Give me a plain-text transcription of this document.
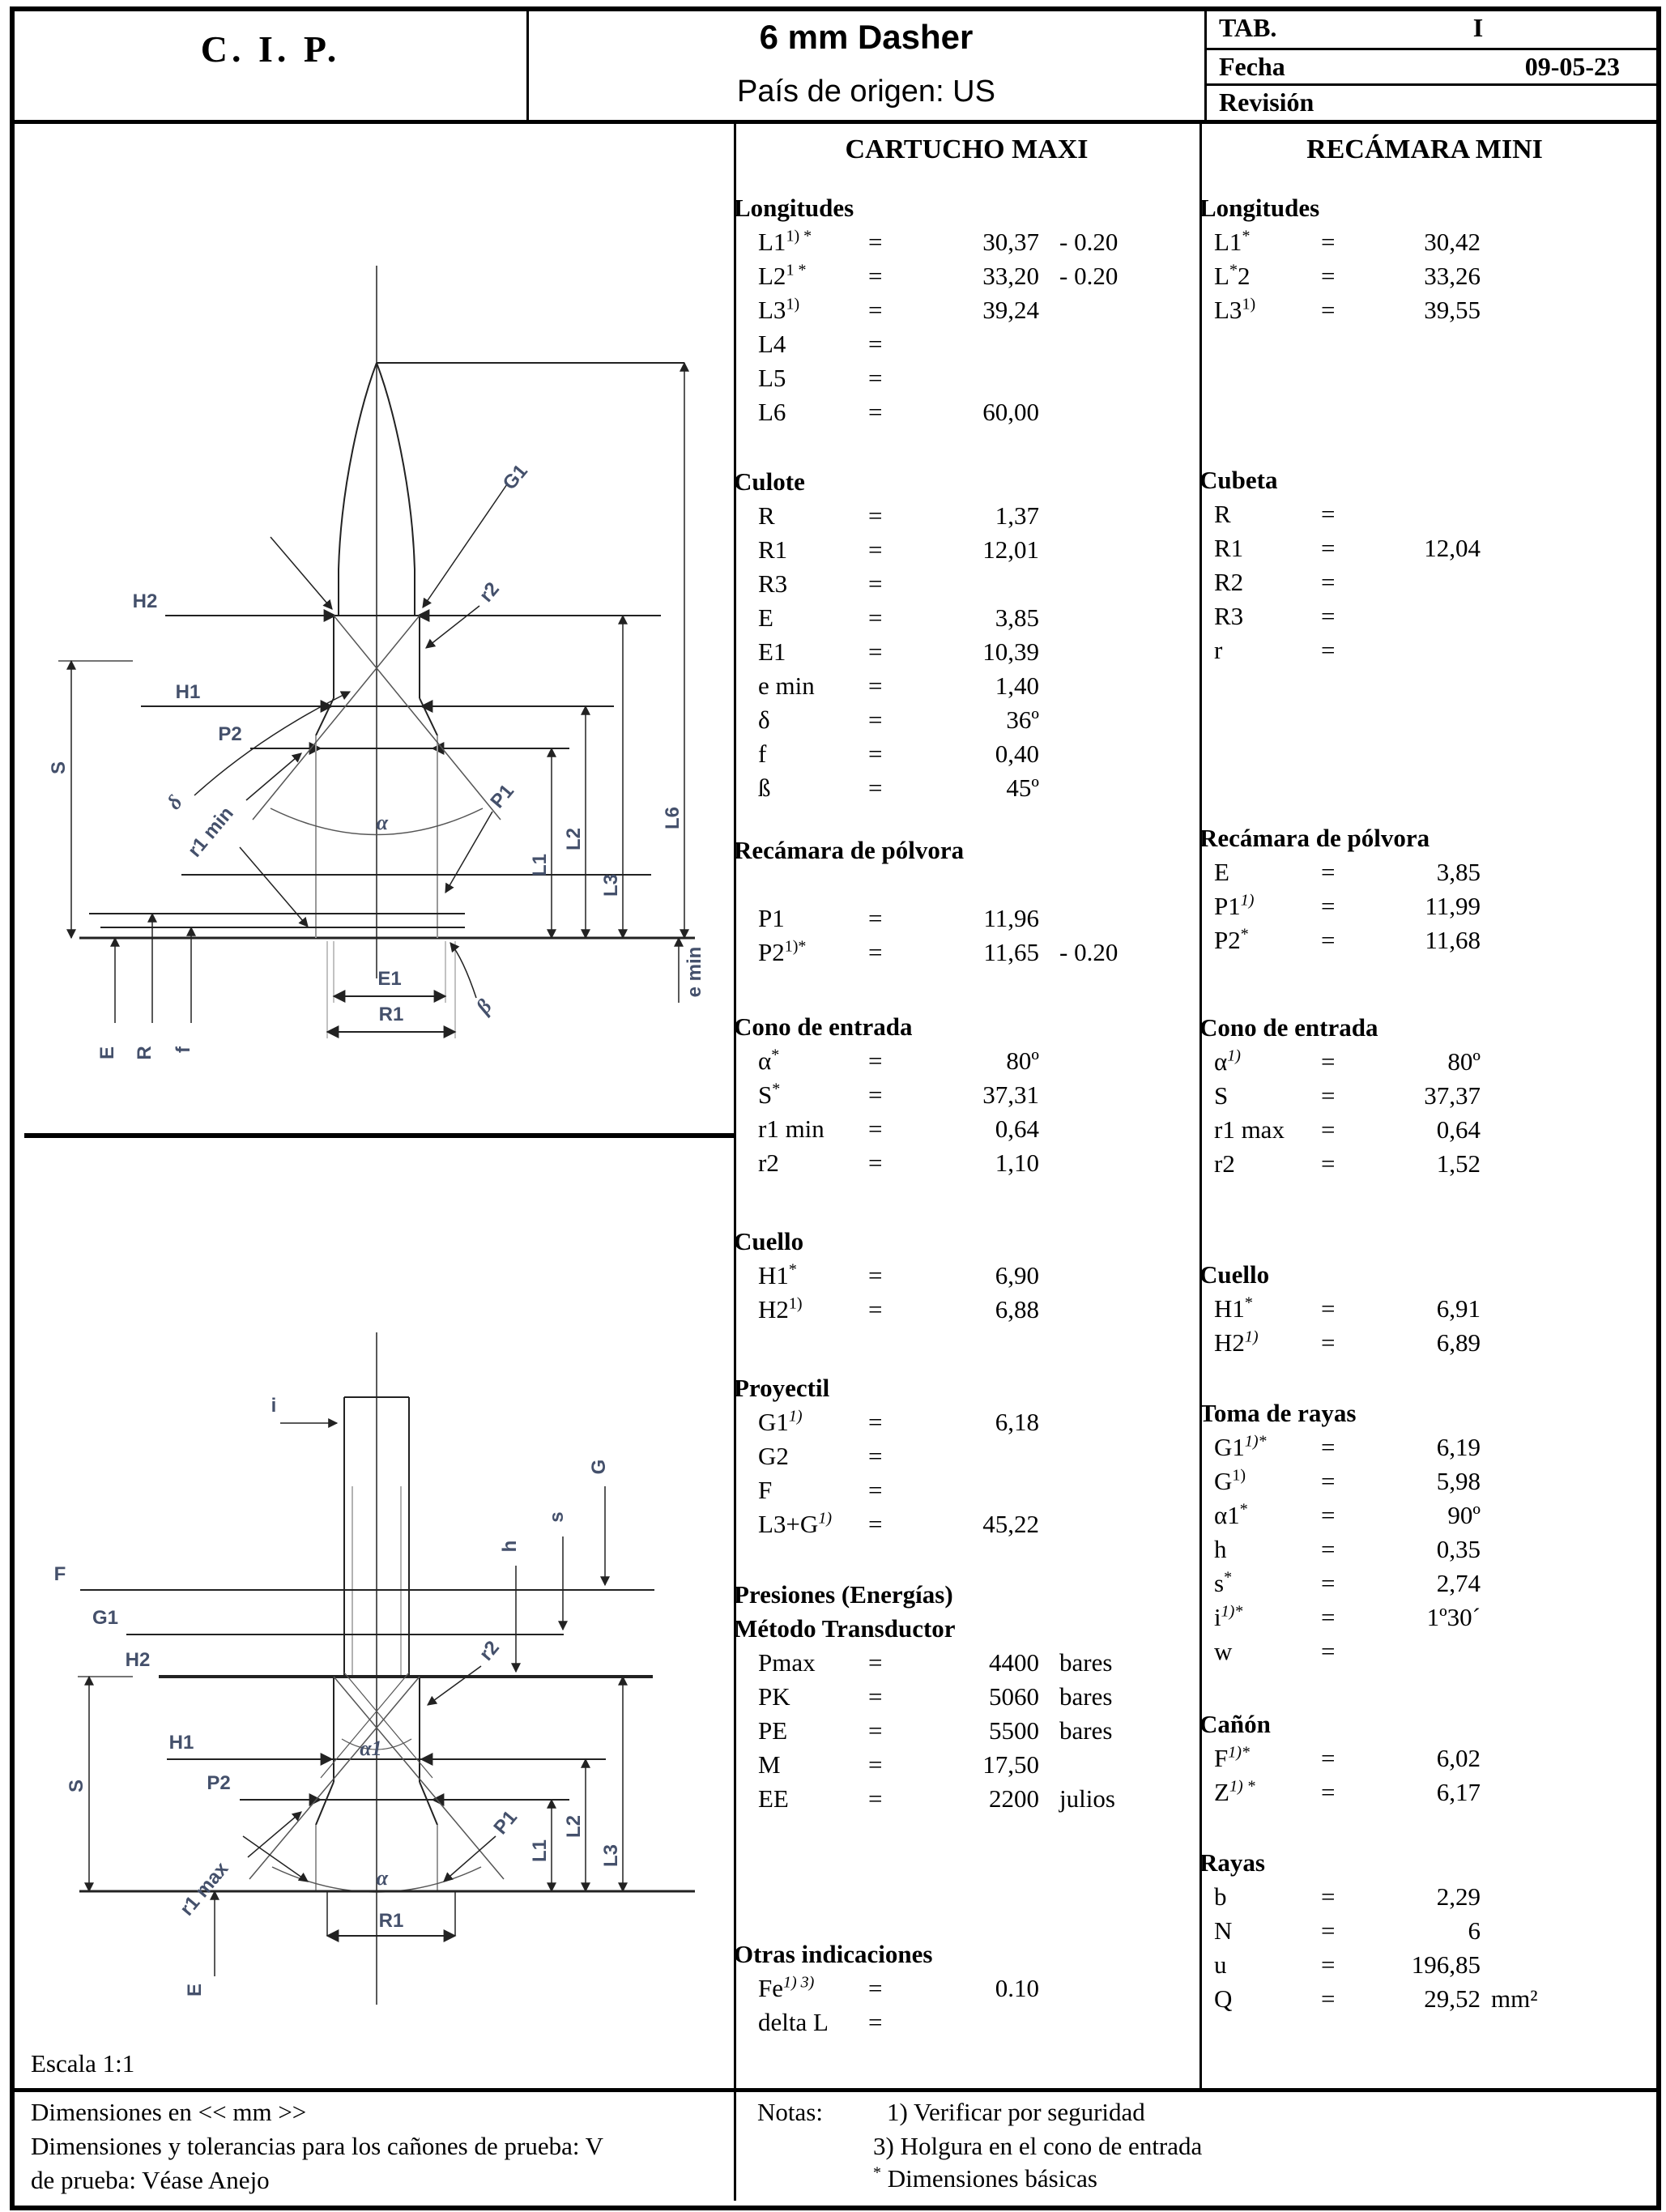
C. I. P.	6 mm Dasher
País de origen: US
TAB.	I
Fecha	09-05-23
Revisión
H2
H1
P2
G1
r2
r1 min	α
δ
S
P1
E1
R1	β
e min
E R f
L1
L2
L3
L6
i
G
s
h
F
G1
H2
H1
P2
r2
α1
r1 max	α
S
L1
L2
L3
P1
R1
E
CARTUCHO MAXI
Longitudes
$L1^{1) *}$ =	30,37 - 0.20
$L2^{1 *}$ =	33,20 - 0.20
$L3^{1)}$	=	39,24
L4	=
L5	=
L6	=	60,00
Culote
R	=	1,37
R1	=	12,01
R3	=
E	=	3,85
E1	=	10,39
e min =	1,40
δ	=	36º
f	=	0,40
ß	=	45º
Recámara de pólvora
P1	=	11,96
$P2^{1)*}$ =	11,65 - 0.20
Cono de entrada
α*	=	80º
S*	=	37,31
r1 min =	0,64
r2	=	1,10
Cuello
H1*	=	6,90
$H2^{1)}$	=	6,88
Proyectil
$G1^{1)}$	=	6,18
G2	=
F	=
$L3+G^{1)}$ =	45,22
Presiones (Energías)
Método Transductor
Pmax =	4400 bares
PK	=	5060 bares
PE	=	5500 bares
M	=	17,50
EE	=	2200 julios
Otras indicaciones
$Fe^{1) 3)}$ =	0.10
delta L =
RECÁMARA MINI
Longitudes
L1*	=	30,42
L*2	=	33,26
$L3^{1)}$	=	39,55
Cubeta
R	=
R1	=	12,04
R2	=
R3	=
r	=
Recámara de pólvora
E	=	3,85
$P1^{1)}$	=	11,99
P2*	=	11,68
Cono de entrada
$\alpha^{1)}$	=	80º
S	=	37,37
r1 max =	0,64
r2	=	1,52
Cuello
H1*	=	6,91
$H2^{1)}$ =	6,89
Toma de rayas
$G1^{1)*}$ =	6,19
$G^{1)}$	=	5,98
α1*	=	90º
h	=	0,35
s*	=	2,74
$i^{1)*}$	=	1º30´
w	=
Cañón
$F^{1)*}$	=	6,02
$Z^{1) *}$	=	6,17
Rayas
b	=	2,29
N	=	6
u	=	196,85
Q	=	29,52 mm²
Escala 1:1
Dimensiones en << mm >>
Dimensiones y tolerancias para los cañones de prueba: V
de prueba: Véase Anejo
Notas:	1) Verificar por seguridad
3) Holgura en el cono de entrada
* Dimensiones básicas
